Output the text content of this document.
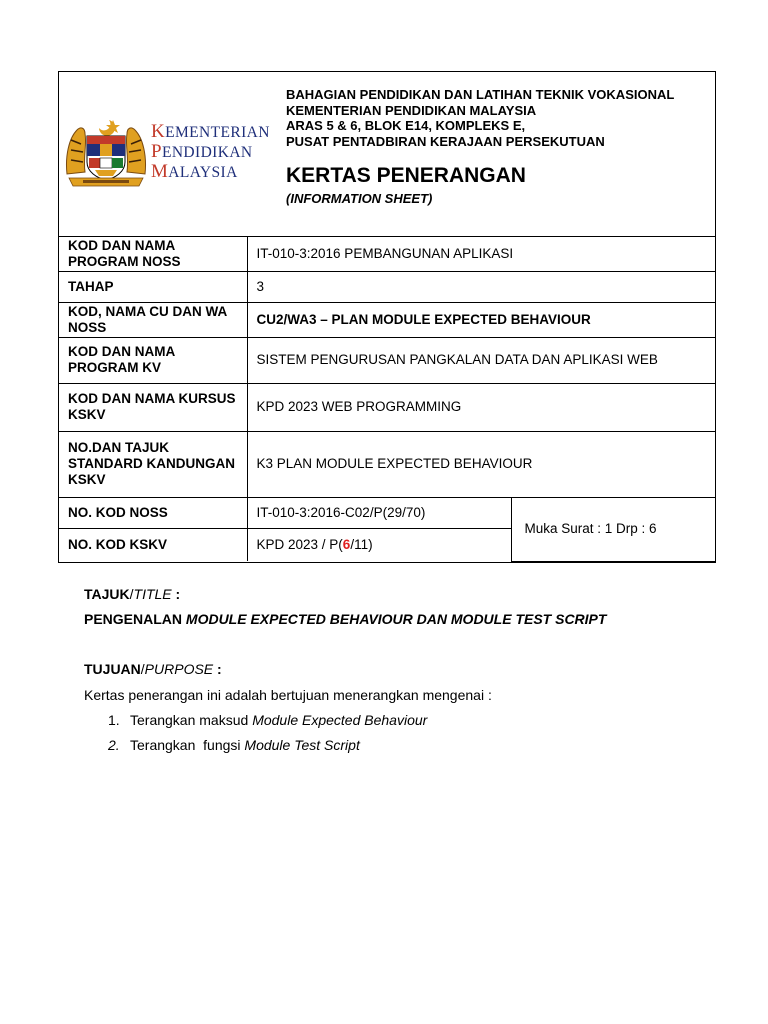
KEMENTERIAN
PENDIDIKAN
MALAYSIA
BAHAGIAN PENDIDIKAN DAN LATIHAN TEKNIK VOKASIONAL
KEMENTERIAN PENDIDIKAN MALAYSIA
ARAS 5 & 6, BLOK E14, KOMPLEKS E,
PUSAT PENTADBIRAN KERAJAAN PERSEKUTUAN
KERTAS PENERANGAN
(INFORMATION SHEET)
KOD DAN NAMA PROGRAM NOSS	IT-010-3:2016 PEMBANGUNAN APLIKASI	
TAHAP	3	
KOD, NAMA CU DAN WA NOSS	CU2/WA3 – PLAN MODULE EXPECTED BEHAVIOUR	
KOD DAN NAMA PROGRAM KV	SISTEM PENGURUSAN PANGKALAN DATA DAN APLIKASI WEB	
KOD DAN NAMA KURSUS KSKV	KPD 2023 WEB PROGRAMMING	
NO.DAN TAJUK STANDARD KANDUNGAN KSKV	K3 PLAN MODULE EXPECTED BEHAVIOUR	
NO. KOD NOSS	IT-010-3:2016-C02/P(29/70)	Muka Surat : 1 Drp : 6
NO. KOD KSKV	KPD 2023 / P(6/11)	
TAJUK/TITLE :
PENGENALAN MODULE EXPECTED BEHAVIOUR DAN MODULE TEST SCRIPT
TUJUAN/PURPOSE :
Kertas penerangan ini adalah bertujuan menerangkan mengenai :
1. Terangkan maksud Module Expected Behaviour
2. Terangkan  fungsi Module Test Script
